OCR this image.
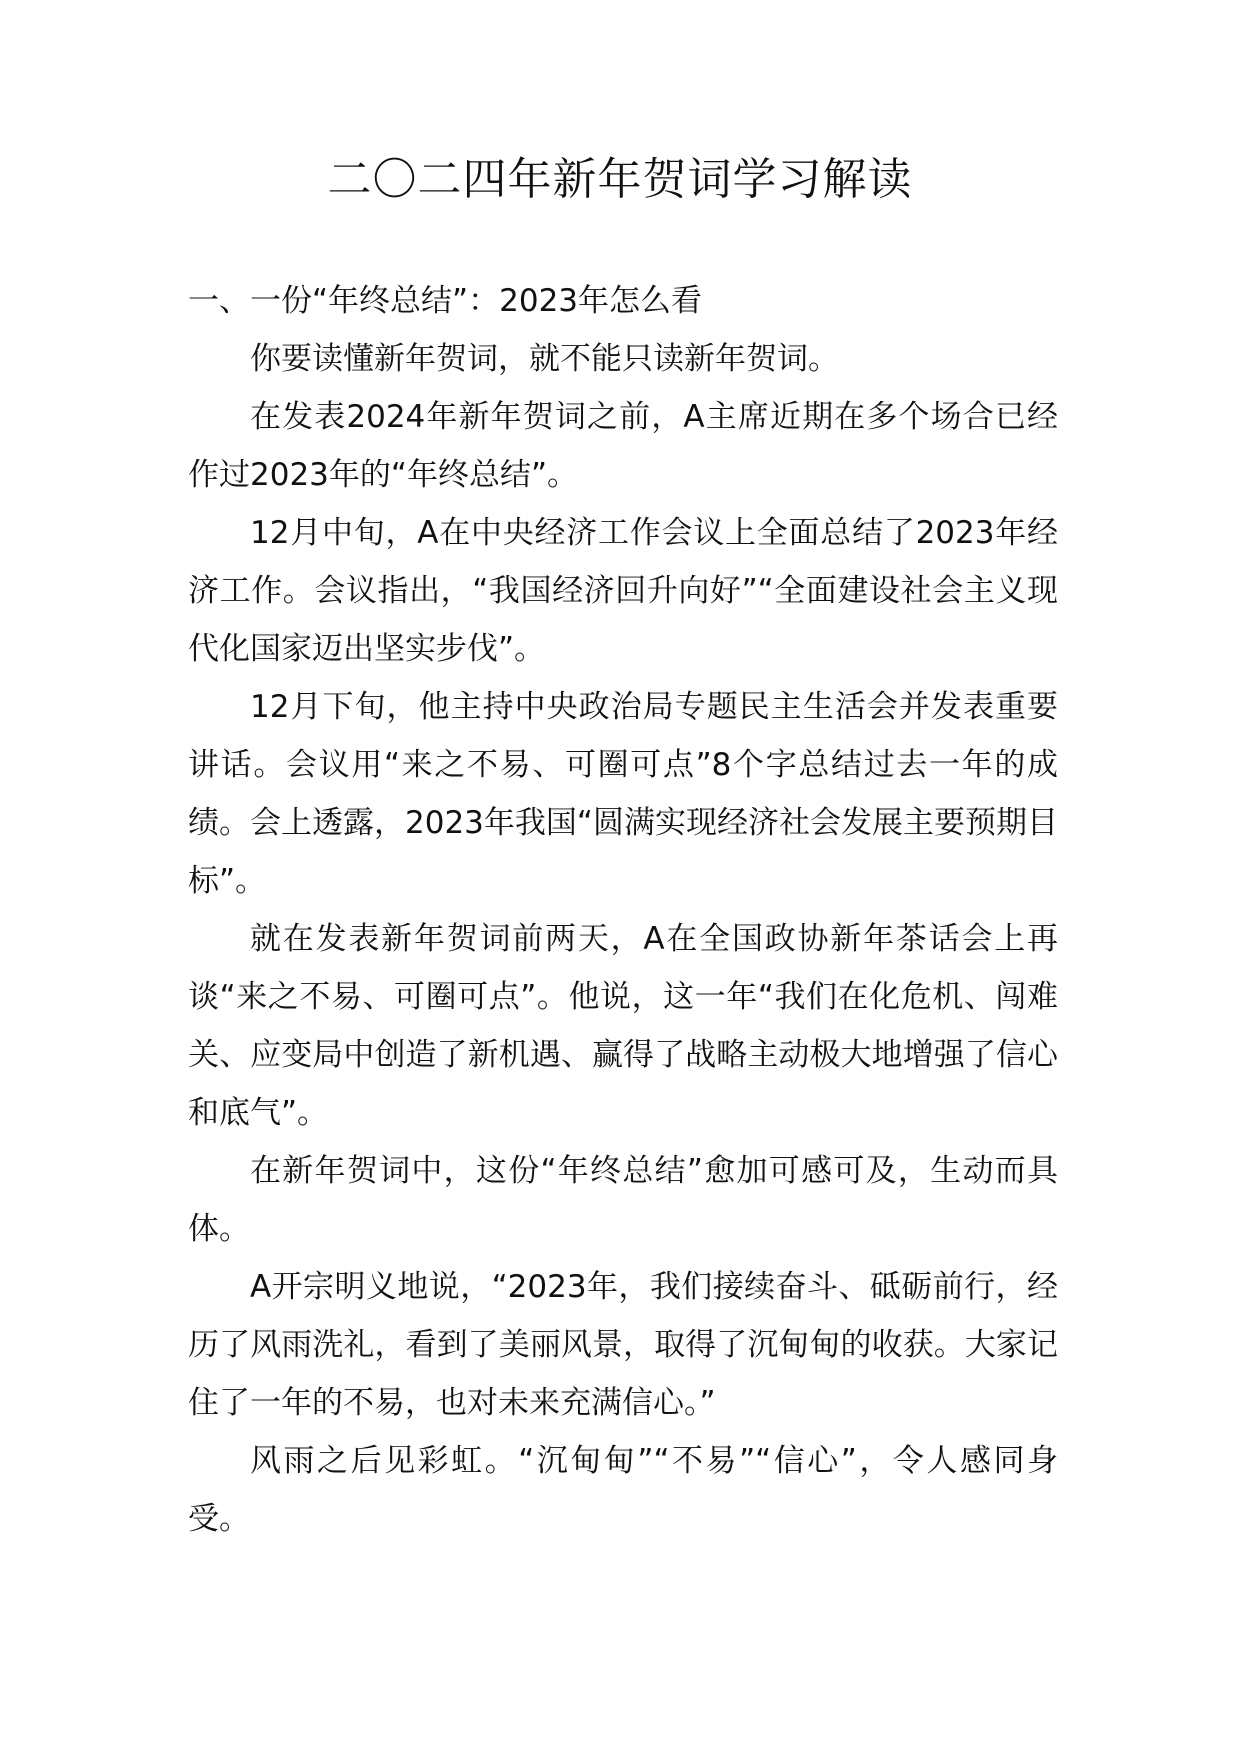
二〇二四年新年贺词学习解读
一、一份“年终总结”：2023年怎么看

你要读懂新年贺词，就不能只读新年贺词。

在发表2024年新年贺词之前，A主席近期在多个场合已经作过2023年的“年终总结”。

12月中旬，A在中央经济工作会议上全面总结了2023年经济工作。会议指出，“我国经济回升向好”“全面建设社会主义现代化国家迈出坚实步伐”。

12月下旬，他主持中央政治局专题民主生活会并发表重要讲话。会议用“来之不易、可圈可点”8个字总结过去一年的成绩。会上透露，2023年我国“圆满实现经济社会发展主要预期目标”。

就在发表新年贺词前两天，A在全国政协新年茶话会上再谈“来之不易、可圈可点”。他说，这一年“我们在化危机、闯难关、应变局中创造了新机遇、赢得了战略主动极大地增强了信心和底气”。

在新年贺词中，这份“年终总结”愈加可感可及，生动而具体。

A开宗明义地说，“2023年，我们接续奋斗、砥砺前行，经历了风雨洗礼，看到了美丽风景，取得了沉甸甸的收获。大家记住了一年的不易，也对未来充满信心。”

风雨之后见彩虹。“沉甸甸”“不易”“信心”，令人感同身受。
